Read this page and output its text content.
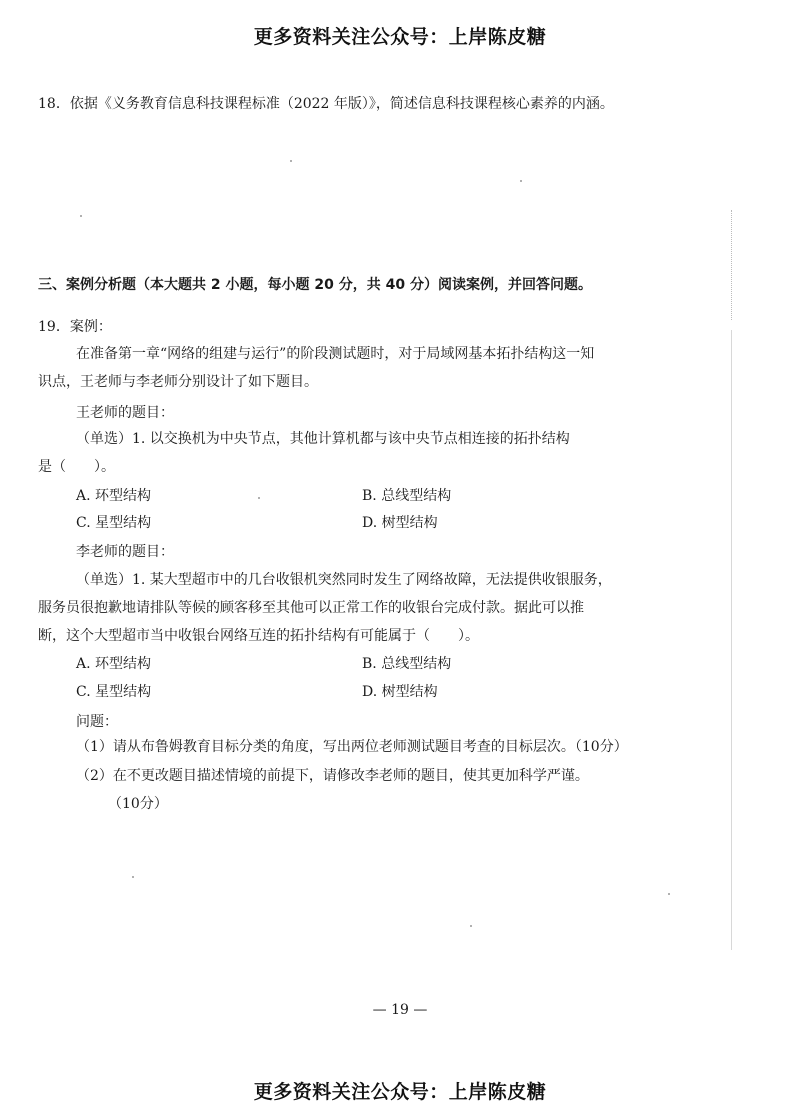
更多资料关注公众号：上岸陈皮糖
18．依据《义务教育信息科技课程标准（2022 年版）》，简述信息科技课程核心素养的内涵。
三、案例分析题（本大题共 2 小题，每小题 20 分，共 40 分）阅读案例，并回答问题。
19．案例：
在准备第一章“网络的组建与运行”的阶段测试题时，对于局域网基本拓扑结构这一知
识点，王老师与李老师分别设计了如下题目。
王老师的题目：
（单选）1. 以交换机为中央节点，其他计算机都与该中央节点相连接的拓扑结构
是（　　）。
A. 环型结构	B. 总线型结构
C. 星型结构	D. 树型结构
李老师的题目：
（单选）1. 某大型超市中的几台收银机突然同时发生了网络故障，无法提供收银服务，
服务员很抱歉地请排队等候的顾客移至其他可以正常工作的收银台完成付款。据此可以推
断，这个大型超市当中收银台网络互连的拓扑结构有可能属于（　　）。
A. 环型结构	B. 总线型结构
C. 星型结构	D. 树型结构
问题：
（1）请从布鲁姆教育目标分类的角度，写出两位老师测试题目考查的目标层次。（10分）
（2）在不更改题目描述情境的前提下，请修改李老师的题目，使其更加科学严谨。
（10分）
— 19 —
更多资料关注公众号：上岸陈皮糖
